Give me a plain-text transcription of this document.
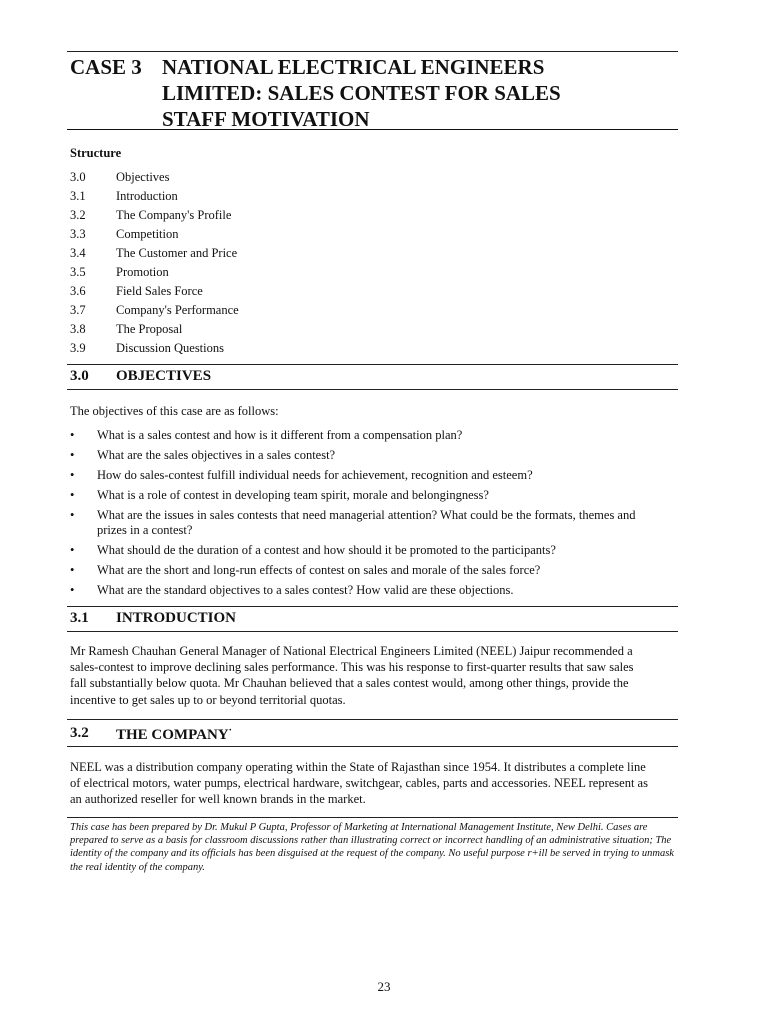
CASE 3 NATIONAL ELECTRICAL ENGINEERS
LIMITED: SALES CONTEST FOR SALES
STAFF MOTIVATION
Structure
3.0 Objectives
3.1 Introduction
3.2 The Company's Profile
3.3 Competition
3.4 The Customer and Price
3.5 Promotion
3.6 Field Sales Force
3.7 Company's Performance
3.8 The Proposal
3.9 Discussion Questions
3.0 OBJECTIVES
The objectives of this case are as follows:
• What is a sales contest and how is it different from a compensation plan?
• What are the sales objectives in a sales contest?
• How do sales-contest fulfill individual needs for achievement, recognition and esteem?
• What is a role of contest in developing team spirit, morale and belongingness?
• What are the issues in sales contests that need managerial attention? What could be the formats, themes and prizes in a contest?
• What should de the duration of a contest and how should it be promoted to the participants?
• What are the short and long-run effects of contest on sales and morale of the sales force?
• What are the standard objectives to a sales contest? How valid are these objections.
3.1 INTRODUCTION
Mr Ramesh Chauhan General Manager of National Electrical Engineers Limited (NEEL) Jaipur recommended a sales-contest to improve declining sales performance. This was his response to first-quarter results that saw sales fall substantially below quota. Mr Chauhan believed that a sales contest would, among other things, provide the incentive to get sales up to or beyond territorial quotas.
3.2 THE COMPANY·
NEEL was a distribution company operating within the State of Rajasthan since 1954. It distributes a complete line of electrical motors, water pumps, electrical hardware, switchgear, cables, parts and accessories. NEEL represent as an authorized reseller for well known brands in the market.
This case has been prepared by Dr. Mukul P Gupta, Professor of Marketing at International Management Institute, New Delhi. Cases are prepared to serve as a basis for classroom discussions rather than illustrating correct or incorrect handling of an administrative situation; The identity of the company and its officials has been disguised at the request of the company. No useful purpose r+ill be served in trying to unmask the real identity of the company.
23
